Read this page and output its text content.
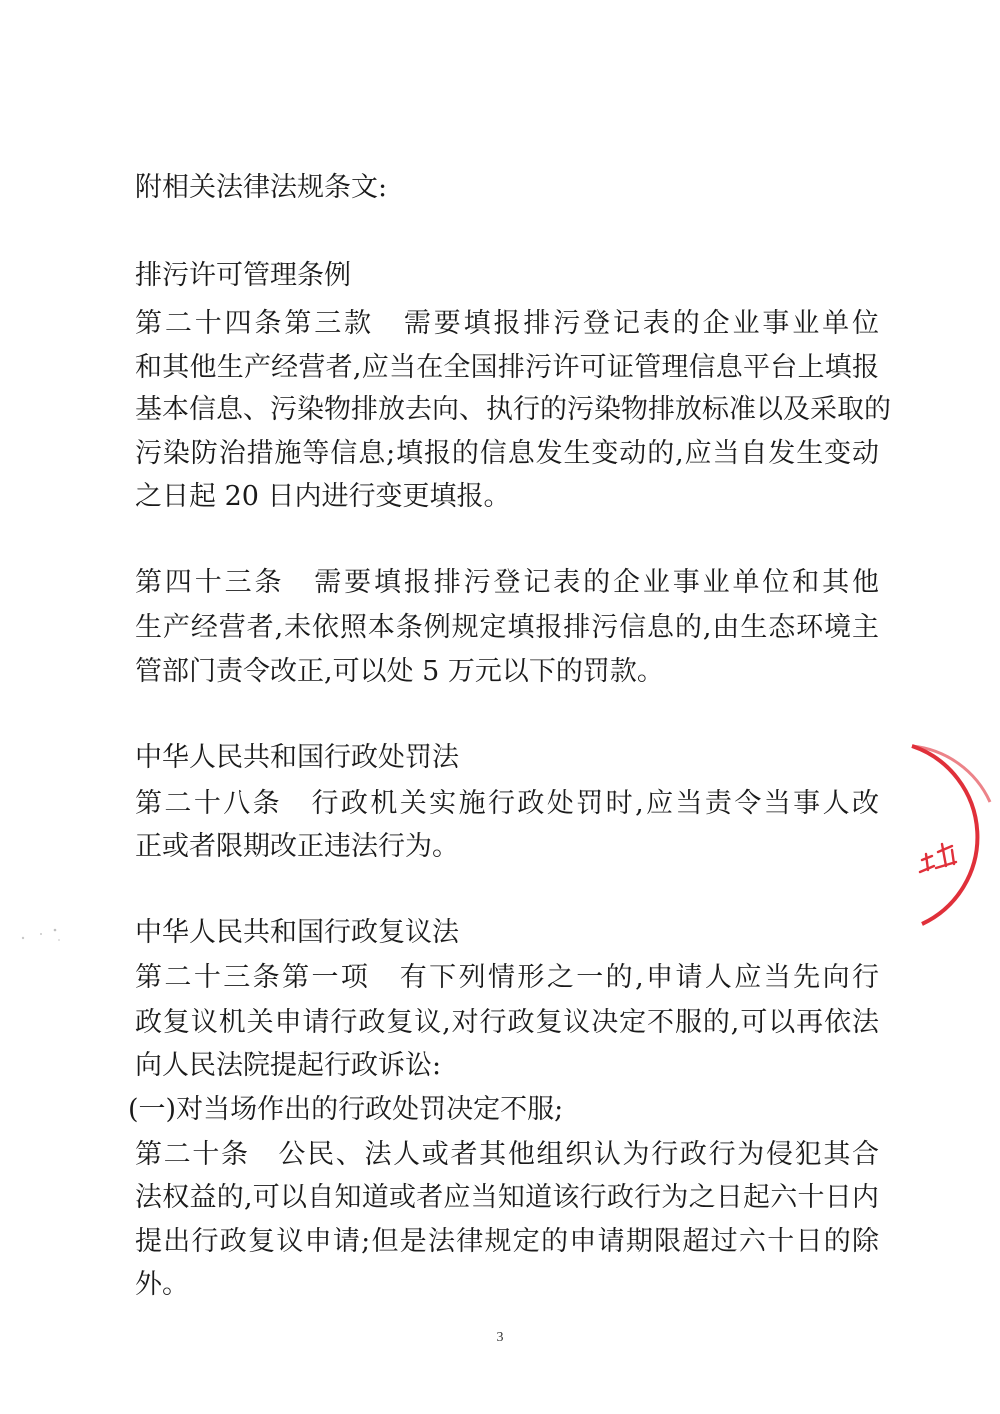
附相关法律法规条文:
排污许可管理条例
第二十四条第三款　需要填报排污登记表的企业事业单位
和其他生产经营者,应当在全国排污许可证管理信息平台上填报
基本信息、污染物排放去向、执行的污染物排放标准以及采取的
污染防治措施等信息;填报的信息发生变动的,应当自发生变动
之日起 20 日内进行变更填报。
第四十三条　需要填报排污登记表的企业事业单位和其他
生产经营者,未依照本条例规定填报排污信息的,由生态环境主
管部门责令改正,可以处 5 万元以下的罚款。
中华人民共和国行政处罚法
第二十八条　行政机关实施行政处罚时,应当责令当事人改
正或者限期改正违法行为。
中华人民共和国行政复议法
第二十三条第一项　有下列情形之一的,申请人应当先向行
政复议机关申请行政复议,对行政复议决定不服的,可以再依法
向人民法院提起行政诉讼:
(一)对当场作出的行政处罚决定不服;
第二十条　公民、法人或者其他组织认为行政行为侵犯其合
法权益的,可以自知道或者应当知道该行政行为之日起六十日内
提出行政复议申请;但是法律规定的申请期限超过六十日的除
外。
3
